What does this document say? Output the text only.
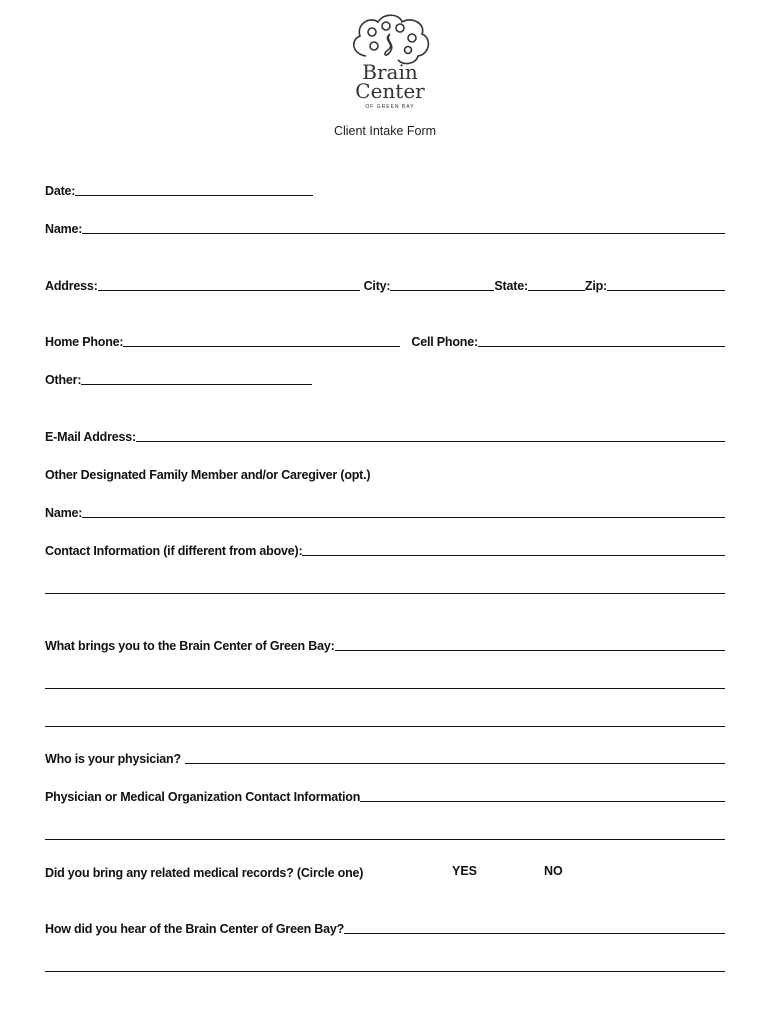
Brain
Center
OF GREEN BAY
Client Intake Form
Date:
Name:
Address:	City:	State:	Zip:
Home Phone:	Cell Phone:
Other:
E-Mail Address:
Other Designated Family Member and/or Caregiver (opt.)
Name:
Contact Information (if different from above):
What brings you to the Brain Center of Green Bay:
Who is your physician?
Physician or Medical Organization Contact Information
Did you bring any related medical records? (Circle one)	YES	NO
How did you hear of the Brain Center of Green Bay?
